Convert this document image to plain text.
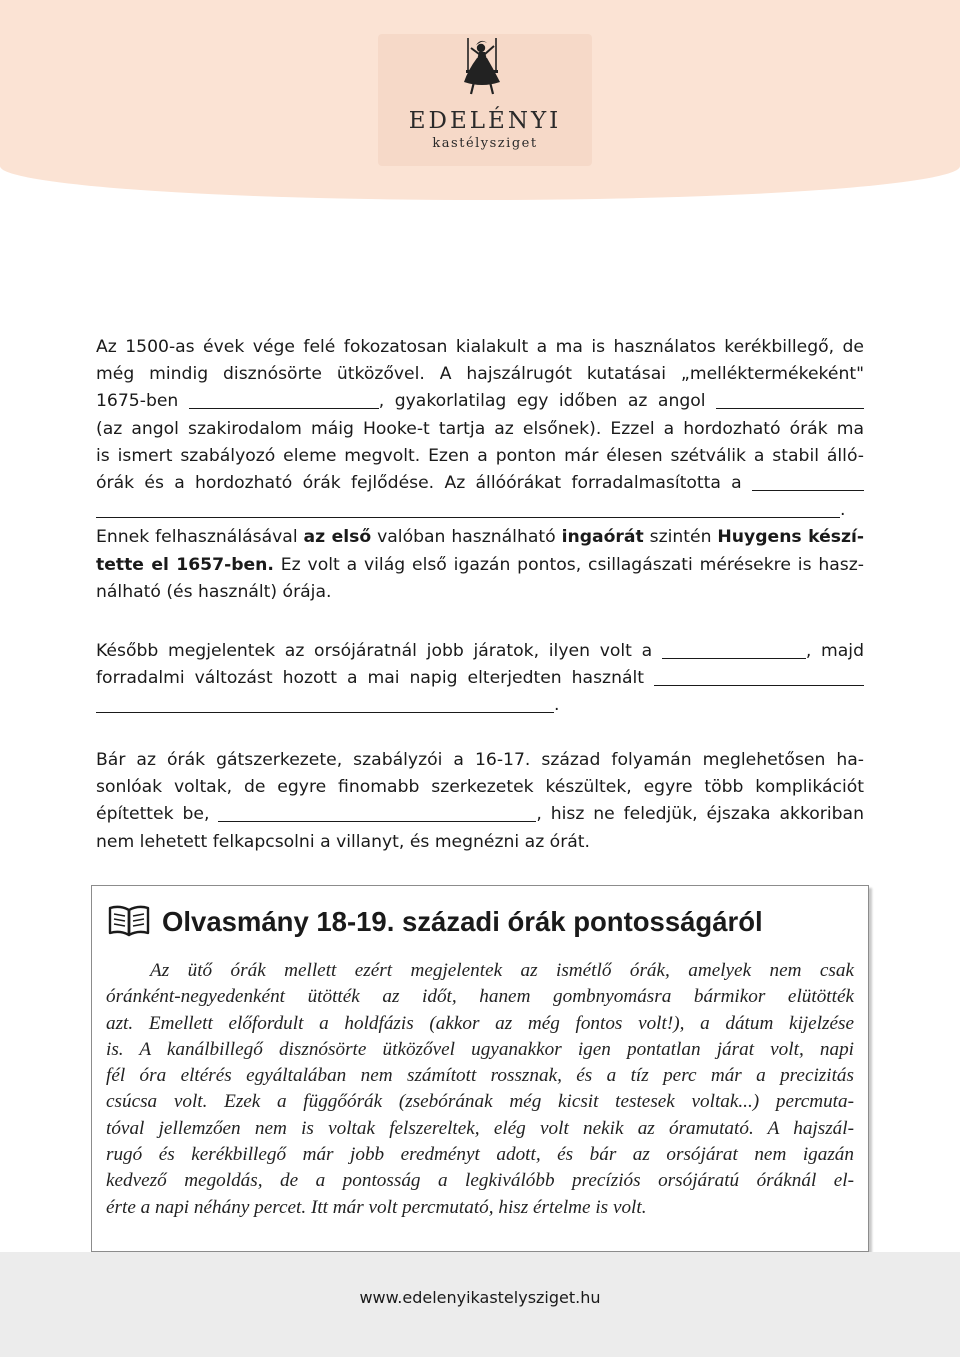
EDELÉNYI
kastélysziget
Az 1500-as évek vége felé fokozatosan kialakult a ma is használatos kerékbillegő, de
még mindig disznósörte ütközővel. A hajszálrugót kutatásai „melléktermékeként"
1675-ben	, gyakorlatilag egy időben az angol
(az angol szakirodalom máig Hooke-t tartja az elsőnek). Ezzel a hordozható órák ma
is ismert szabályozó eleme megvolt. Ezen a ponton már élesen szétválik a stabil álló-
órák és a hordozható órák fejlődése. Az állóórákat forradalmasította a
.
Ennek felhasználásával az első valóban használható ingaórát szintén Huygens készí-
tette el 1657-ben. Ez volt a világ első igazán pontos, csillagászati mérésekre is hasz-
nálható (és használt) órája.
Később megjelentek az orsójáratnál jobb járatok, ilyen volt a	, majd
forradalmi változást hozott a mai napig elterjedten használt
.
Bár az órák gátszerkezete, szabályzói a 16-17. század folyamán meglehetősen ha-
sonlóak voltak, de egyre finomabb szerkezetek készültek, egyre több komplikációt
építettek be,	, hisz ne feledjük, éjszaka akkoriban
nem lehetett felkapcsolni a villanyt, és megnézni az órát.
Olvasmány 18-19. századi órák pontosságáról
Az ütő órák mellett ezért megjelentek az ismétlő órák, amelyek nem csak
óránként-negyedenként ütötték az időt, hanem gombnyomásra bármikor elütötték
azt. Emellett előfordult a holdfázis (akkor az még fontos volt!), a dátum kijelzése
is. A kanálbillegő disznósörte ütközővel ugyanakkor igen pontatlan járat volt, napi
fél óra eltérés egyáltalában nem számított rossznak, és a tíz perc már a precizitás
csúcsa volt. Ezek a függőórák (zsebórának még kicsit testesek voltak...) percmuta-
tóval jellemzően nem is voltak felszereltek, elég volt nekik az óramutató. A hajszál-
rugó és kerékbillegő már jobb eredményt adott, és bár az orsójárat nem igazán
kedvező megoldás, de a pontosság a legkiválóbb precíziós orsójáratú óráknál el-
érte a napi néhány percet. Itt már volt percmutató, hisz értelme is volt.
www.edelenyikastelysziget.hu
